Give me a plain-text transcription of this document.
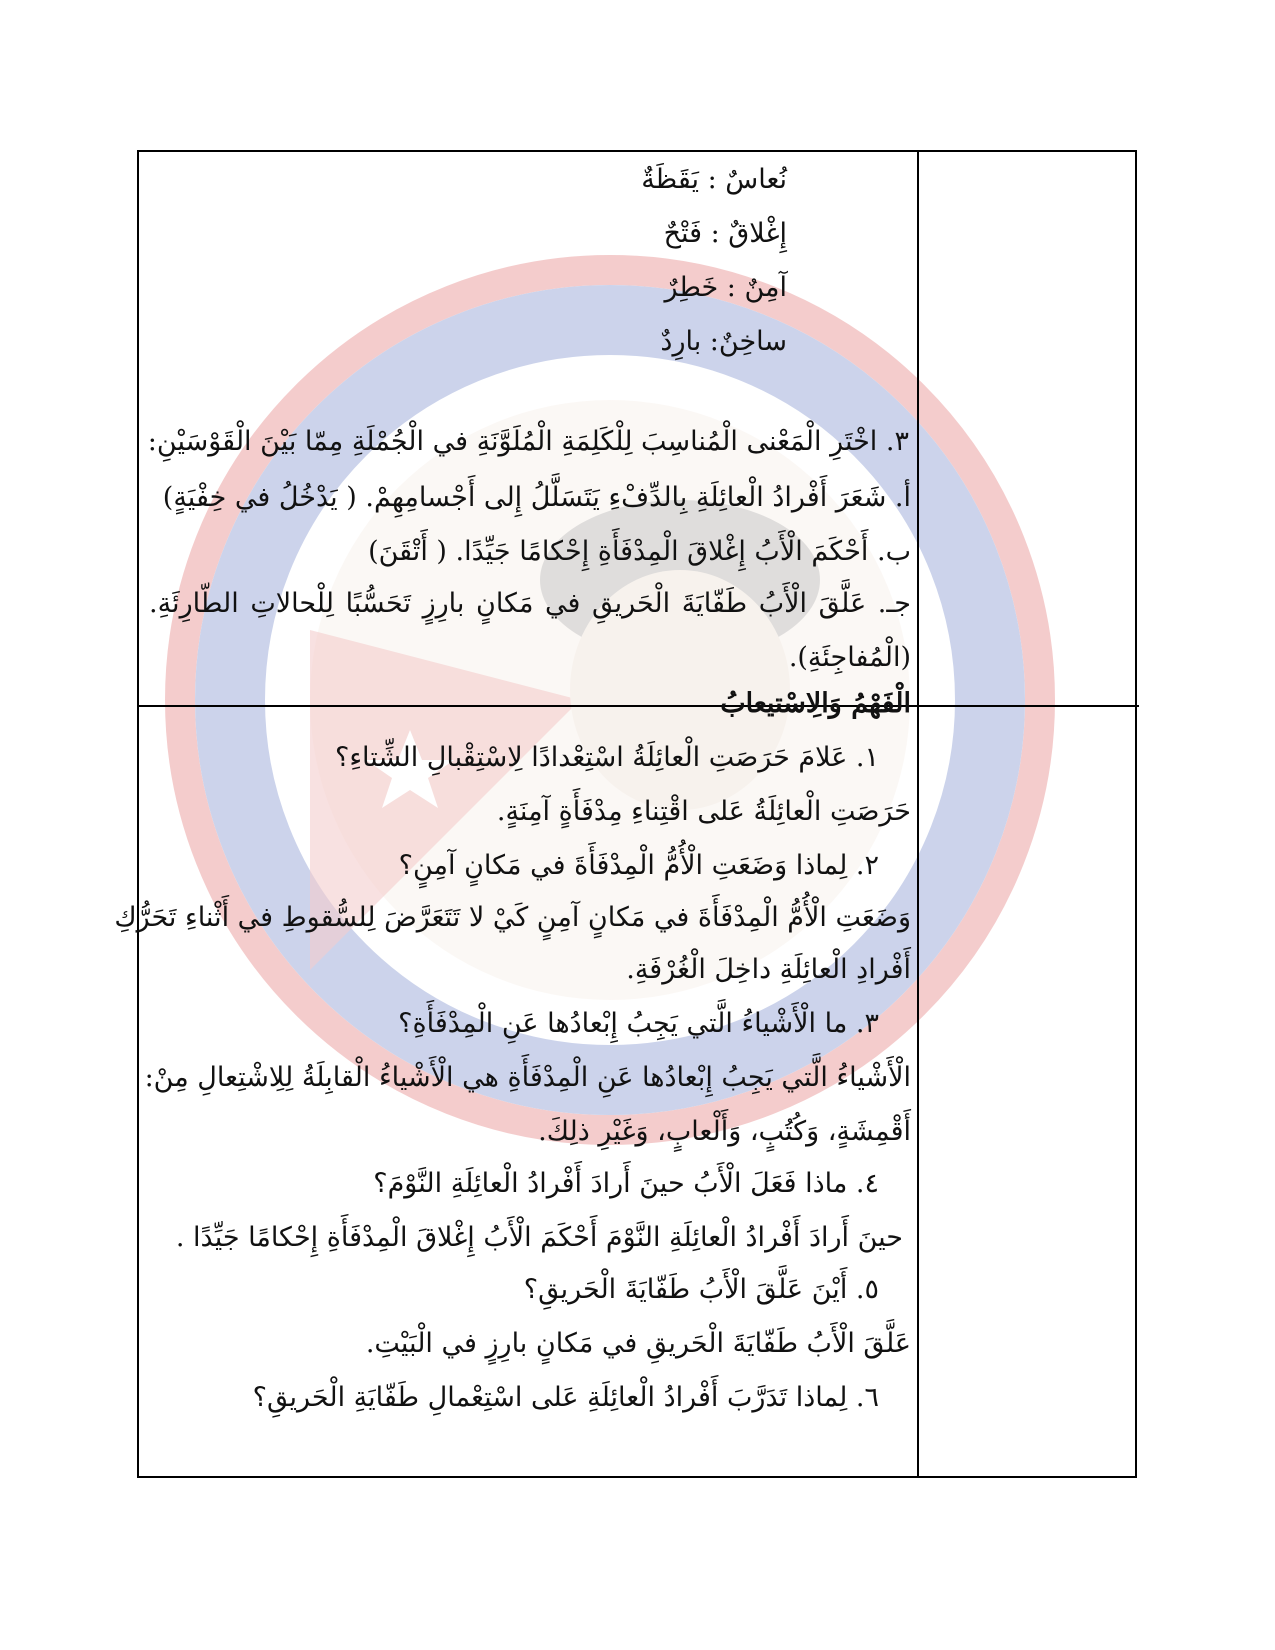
نُعاسٌ : يَقَظَةٌ
إِغْلاقٌ : فَتْحٌ
آمِنٌ : خَطِرٌ
ساخِنٌ: بارِدٌ
٣. اخْتَرِ الْمَعْنى الْمُناسِبَ لِلْكَلِمَةِ الْمُلَوَّنَةِ في الْجُمْلَةِ مِمّا بَيْنَ الْقَوْسَيْنِ:
أ. شَعَرَ أَفْرادُ الْعائِلَةِ بِالدِّفْءِ يَتَسَلَّلُ إِلى أَجْسامِهِمْ. ( يَدْخُلُ في خِفْيَةٍ)
ب. أَحْكَمَ الْأَبُ إِغْلاقَ الْمِدْفَأَةِ إِحْكامًا جَيِّدًا. ( أَتْقَنَ)
جـ. عَلَّقَ الْأَبُ طَفّايَةَ الْحَريقِ في مَكانٍ بارِزٍ تَحَسُّبًا لِلْحالاتِ الطّارِئَةِ.
(الْمُفاجِئَةِ).
الْفَهْمُ وَالِاسْتيعابُ
١. عَلامَ حَرَصَتِ الْعائِلَةُ اسْتِعْدادًا لِاسْتِقْبالِ الشِّتاءِ؟
حَرَصَتِ الْعائِلَةُ عَلى اقْتِناءِ مِدْفَأَةٍ آمِنَةٍ.
٢. لِماذا وَضَعَتِ الْأُمُّ الْمِدْفَأَةَ في مَكانٍ آمِنٍ؟
وَضَعَتِ الْأُمُّ الْمِدْفَأَةَ في مَكانٍ آمِنٍ كَيْ لا تَتَعَرَّضَ لِلسُّقوطِ في أَثْناءِ تَحَرُّكِ
أَفْرادِ الْعائِلَةِ داخِلَ الْغُرْفَةِ.
٣. ما الْأَشْياءُ الَّتي يَجِبُ إِبْعادُها عَنِ الْمِدْفَأَةِ؟
الْأَشْياءُ الَّتي يَجِبُ إِبْعادُها عَنِ الْمِدْفَأَةِ هي الْأَشْياءُ الْقابِلَةُ لِلِاشْتِعالِ مِنْ:
أَقْمِشَةٍ، وَكُتُبٍ، وَأَلْعابٍ، وَغَيْرِ ذلِكَ.
٤. ماذا فَعَلَ الْأَبُ حينَ أَرادَ أَفْرادُ الْعائِلَةِ النَّوْمَ؟
حينَ أَرادَ أَفْرادُ الْعائِلَةِ النَّوْمَ أَحْكَمَ الْأَبُ إِغْلاقَ الْمِدْفَأَةِ إِحْكامًا جَيِّدًا .
٥. أَيْنَ عَلَّقَ الْأَبُ طَفّايَةَ الْحَريقِ؟
عَلَّقَ الْأَبُ طَفّايَةَ الْحَريقِ في مَكانٍ بارِزٍ في الْبَيْتِ.
٦. لِماذا تَدَرَّبَ أَفْرادُ الْعائِلَةِ عَلى اسْتِعْمالِ طَفّايَةِ الْحَريقِ؟
